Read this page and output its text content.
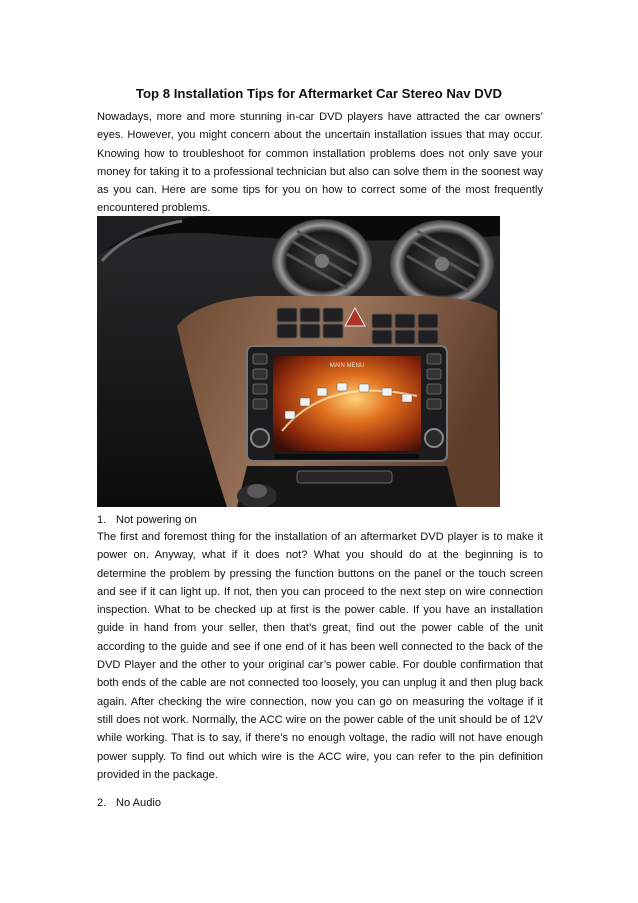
Top 8 Installation Tips for Aftermarket Car Stereo Nav DVD

Nowadays, more and more stunning in-car DVD players have attracted the car owners’ eyes. However, you might concern about the uncertain installation issues that may occur. Knowing how to troubleshoot for common installation problems does not only save your money for taking it to a professional technician but also can solve them in the soonest way as you can. Here are some tips for you on how to correct some of the most frequently encountered problems.

MAIN MENU
1. Not powering on

The first and foremost thing for the installation of an aftermarket DVD player is to make it power on. Anyway, what if it does not? What you should do at the beginning is to determine the problem by pressing the function buttons on the panel or the touch screen and see if it can light up. If not, then you can proceed to the next step on wire connection inspection. What to be checked up at first is the power cable. If you have an installation guide in hand from your seller, then that’s great, find out the power cable of the unit according to the guide and see if one end of it has been well connected to the back of the DVD Player and the other to your original car’s power cable. For double confirmation that both ends of the cable are not connected too loosely, you can unplug it and then plug back again. After checking the wire connection, now you can go on measuring the voltage if it still does not work. Normally, the ACC wire on the power cable of the unit should be of 12V while working. That is to say, if there’s no enough voltage, the radio will not have enough power supply. To find out which wire is the ACC wire, you can refer to the pin definition provided in the package.

2. No Audio
